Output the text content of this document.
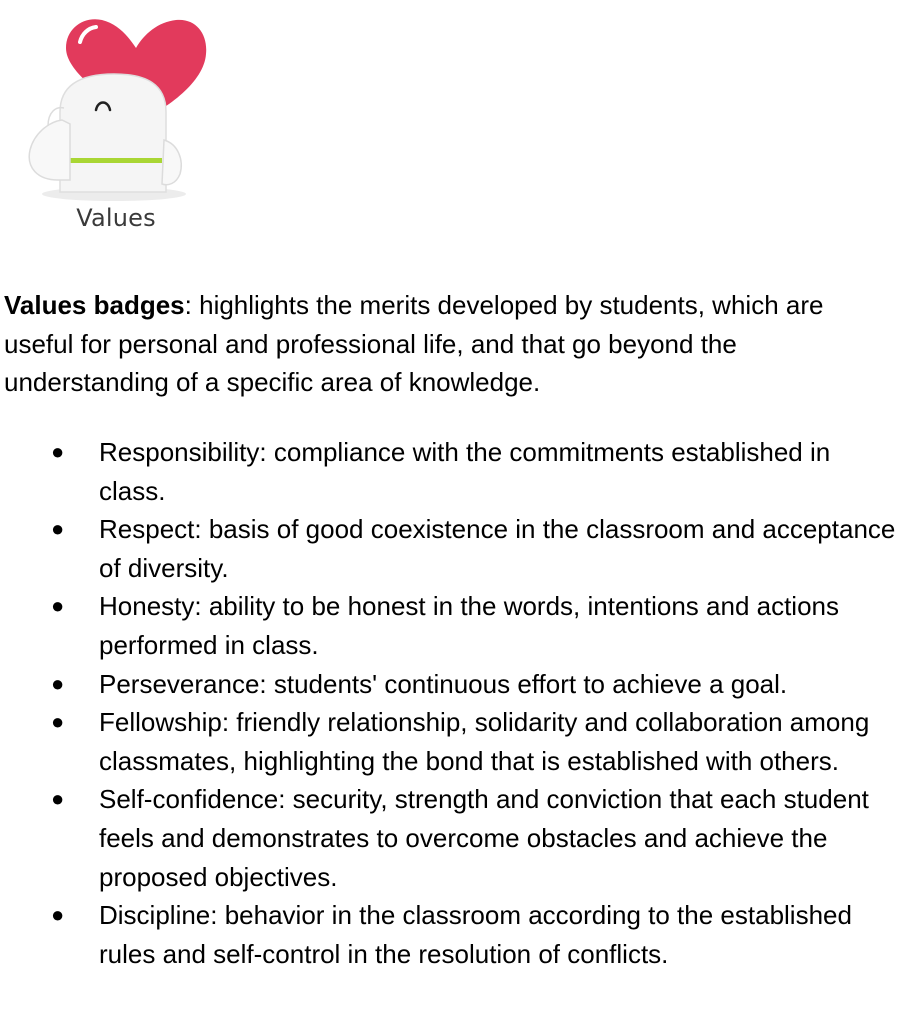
Values

Values badges: highlights the merits developed by students, which are useful for personal and professional life, and that go beyond the understanding of a specific area of knowledge.

● Responsibility: compliance with the commitments established in class.
● Respect: basis of good coexistence in the classroom and acceptance of diversity.
● Honesty: ability to be honest in the words, intentions and actions performed in class.
● Perseverance: students' continuous effort to achieve a goal.
● Fellowship: friendly relationship, solidarity and collaboration among classmates, highlighting the bond that is established with others.
● Self-confidence: security, strength and conviction that each student feels and demonstrates to overcome obstacles and achieve the proposed objectives.
● Discipline: behavior in the classroom according to the established rules and self-control in the resolution of conflicts.
